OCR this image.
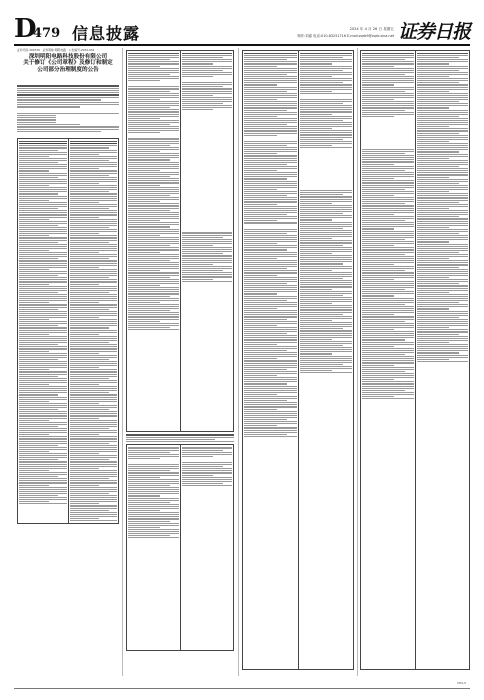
D
479 信息披露	2024 年 4 月 26 日 星期五
制作:刘睿 电话:010-83251716 E-mail:zqrb9@zqrb.sina.net 证券日报
证券代码:300739　证券简称:明阳电路　公告编号:2024-032
深圳明阳电路科技股份有限公司
关于修订《公司章程》及修订和制定
公司部分治理制度的公告
CP2-5
